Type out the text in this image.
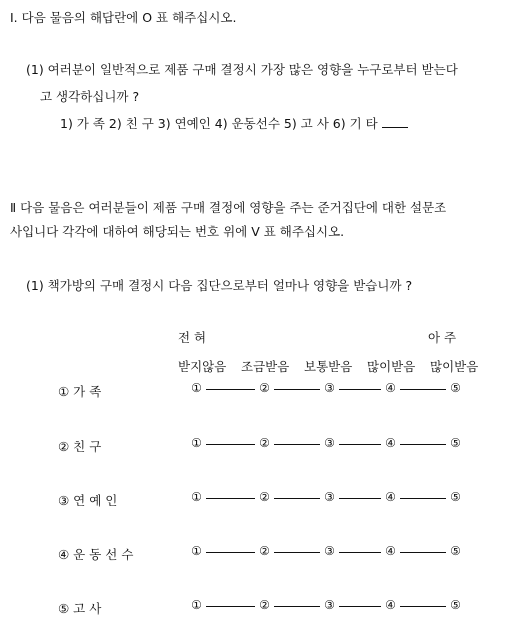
Ⅰ. 다음 물음의 해답란에 O 표 해주십시오.
(1) 여러분이 일반적으로 제품 구매 결정시 가장 많은 영향을 누구로부터 받는다
고 생각하십니까 ?
1) 가 족 2) 친 구 3) 연예인 4) 운동선수 5) 고 사 6) 기 타
Ⅱ 다음 물음은 여러분들이 제품 구매 결정에 영향을 주는 준거집단에 대한 설문조
사입니다 각각에 대하여 해당되는 번호 위에 V 표 해주십시오.
(1) 책가방의 구매 결정시 다음 집단으로부터 얼마나 영향을 받습니까 ?
전 혀	아 주
받지않음 조금받음 보통받음 많이받음 많이받음
① 가 족	①	②	③	④	⑤
② 친 구	①	②	③	④	⑤
③ 연 예 인	①	②	③	④	⑤
④ 운 동 선 수	①	②	③	④	⑤
⑤ 고 사	①	②	③	④	⑤
